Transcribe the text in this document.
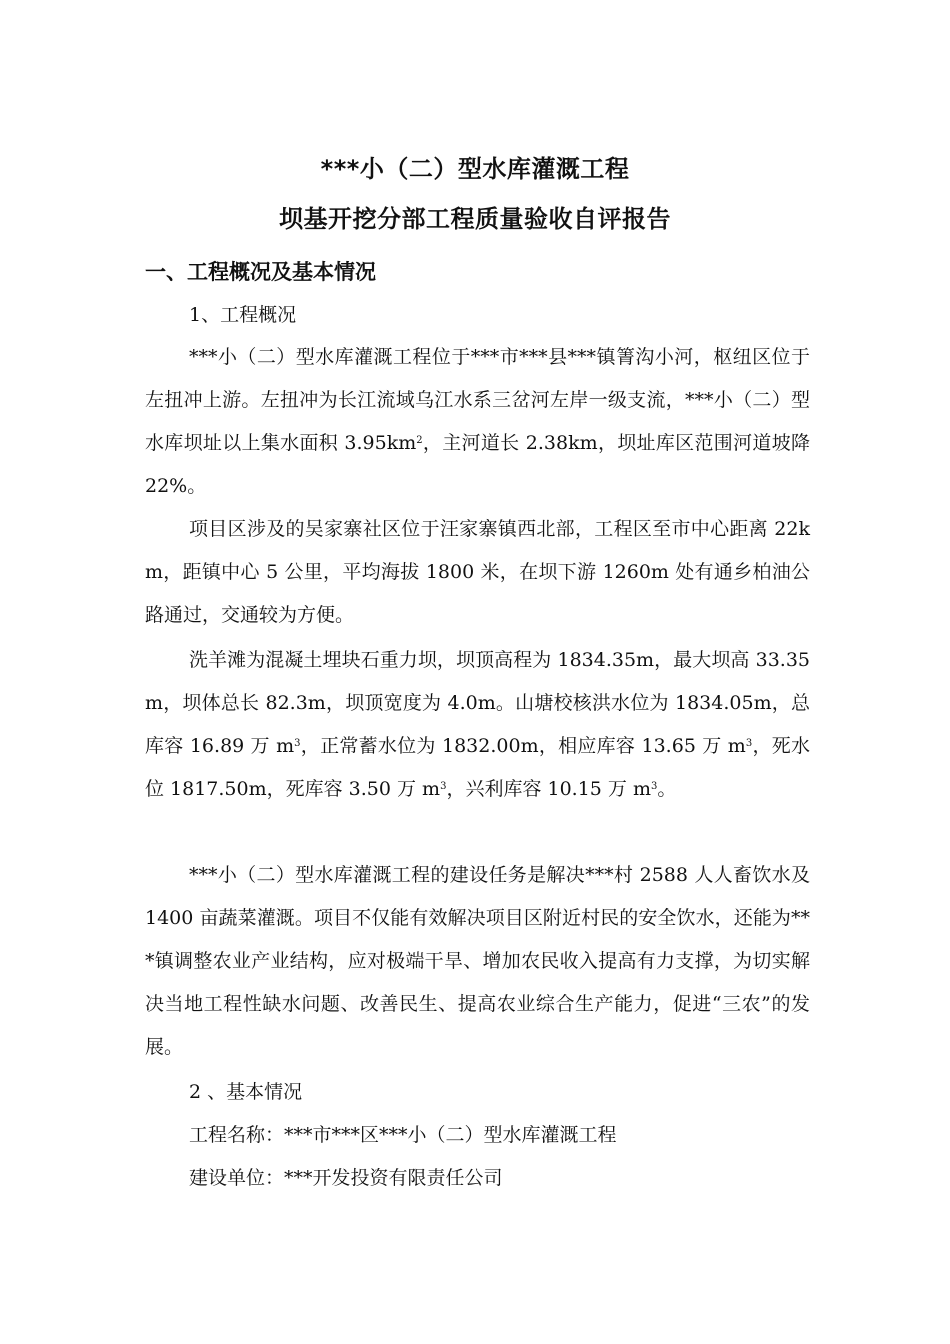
***小（二）型水库灌溉工程
坝基开挖分部工程质量验收自评报告
一、工程概况及基本情况
1、工程概况
***小（二）型水库灌溉工程位于***市***县***镇箐沟小河，枢纽区位于左扭冲上游。左扭冲为长江流域乌江水系三岔河左岸一级支流，***小（二）型水库坝址以上集水面积 $3.95km^2$，主河道长 2.38km，坝址库区范围河道坡降 22%。
项目区涉及的吴家寨社区位于汪家寨镇西北部，工程区至市中心距离 22km，距镇中心 5 公里，平均海拔 1800 米，在坝下游 1260m 处有通乡柏油公路通过，交通较为方便。
洗羊滩为混凝土埋块石重力坝，坝顶高程为 1834.35m，最大坝高 33.35m，坝体总长 82.3m，坝顶宽度为 4.0m。山塘校核洪水位为 1834.05m，总库容 16.89 万 $m^3$，正常蓄水位为 1832.00m，相应库容 13.65 万 $m^3$，死水位 1817.50m，死库容 3.50 万 $m^3$，兴利库容 10.15 万 $m^3$。
***小（二）型水库灌溉工程的建设任务是解决***村 2588 人人畜饮水及 1400 亩蔬菜灌溉。项目不仅能有效解决项目区附近村民的安全饮水，还能为***镇调整农业产业结构，应对极端干旱、增加农民收入提高有力支撑，为切实解决当地工程性缺水问题、改善民生、提高农业综合生产能力，促进“三农”的发展。
2 、基本情况
工程名称：***市***区***小（二）型水库灌溉工程
建设单位：***开发投资有限责任公司
